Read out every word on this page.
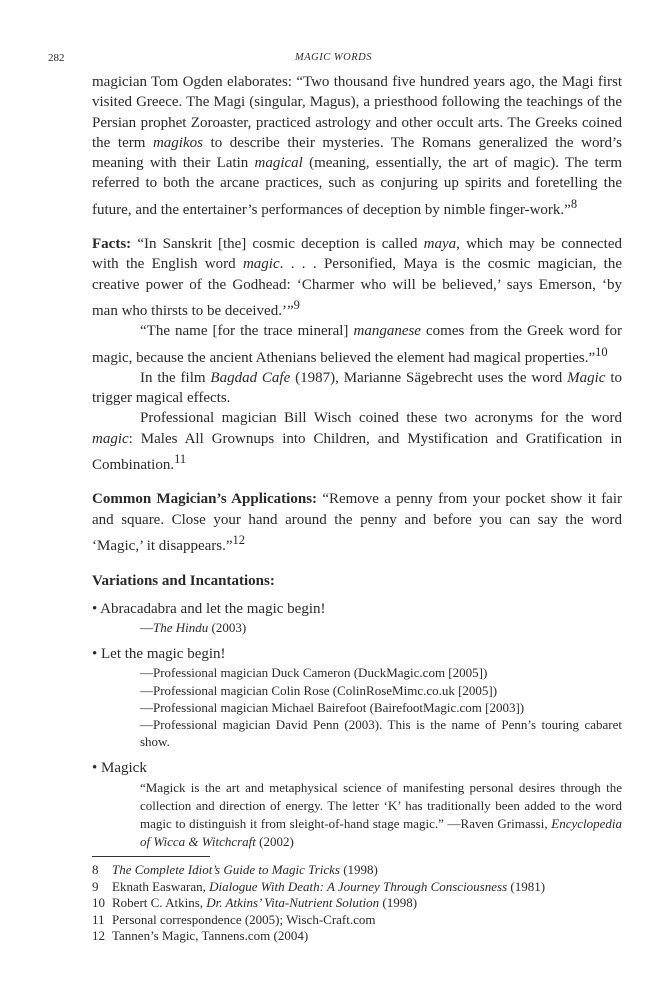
282	MAGIC WORDS

magician Tom Ogden elaborates: “Two thousand five hundred years ago, the Magi first visited Greece. The Magi (singular, Magus), a priesthood following the teachings of the Persian prophet Zoroaster, practiced astrology and other occult arts. The Greeks coined the term magikos to describe their mysteries. The Romans generalized the word’s meaning with their Latin magical (meaning, essentially, the art of magic). The term referred to both the arcane practices, such as conjuring up spirits and foretelling the future, and the entertainer’s performances of deception by nimble finger-work.”$^8$

Facts: “In Sanskrit [the] cosmic deception is called maya, which may be connected with the English word magic. . . . Personified, Maya is the cosmic magician, the creative power of the Godhead: ‘Charmer who will be believed,’ says Emerson, ‘by man who thirsts to be deceived.’”$^9$

“The name [for the trace mineral] manganese comes from the Greek word for magic, because the ancient Athenians believed the element had magical properties.”$^{10}$

In the film Bagdad Cafe (1987), Marianne Sägebrecht uses the word Magic to trigger magical effects.

Professional magician Bill Wisch coined these two acronyms for the word magic: Males All Grownups into Children, and Mystification and Gratification in Combination.$^{11}$

Common Magician’s Applications: “Remove a penny from your pocket show it fair and square. Close your hand around the penny and before you can say the word ‘Magic,’ it disappears.”$^{12}$

Variations and Incantations:
• Abracadabra and let the magic begin!
—The Hindu (2003)
• Let the magic begin!
—Professional magician Duck Cameron (DuckMagic.com [2005])
—Professional magician Colin Rose (ColinRoseMimc.co.uk [2005])
—Professional magician Michael Bairefoot (BairefootMagic.com [2003])
—Professional magician David Penn (2003). This is the name of Penn’s touring cabaret show.
• Magick
“Magick is the art and metaphysical science of manifesting personal desires through the collection and direction of energy. The letter ‘K’ has traditionally been added to the word magic to distinguish it from sleight-of-hand stage magic.” —Raven Grimassi, Encyclopedia of Wicca & Witchcraft (2002)
8 The Complete Idiot’s Guide to Magic Tricks (1998)
9 Eknath Easwaran, Dialogue With Death: A Journey Through Consciousness (1981)
10 Robert C. Atkins, Dr. Atkins’ Vita-Nutrient Solution (1998)
11 Personal correspondence (2005); Wisch-Craft.com
12 Tannen’s Magic, Tannens.com (2004)
